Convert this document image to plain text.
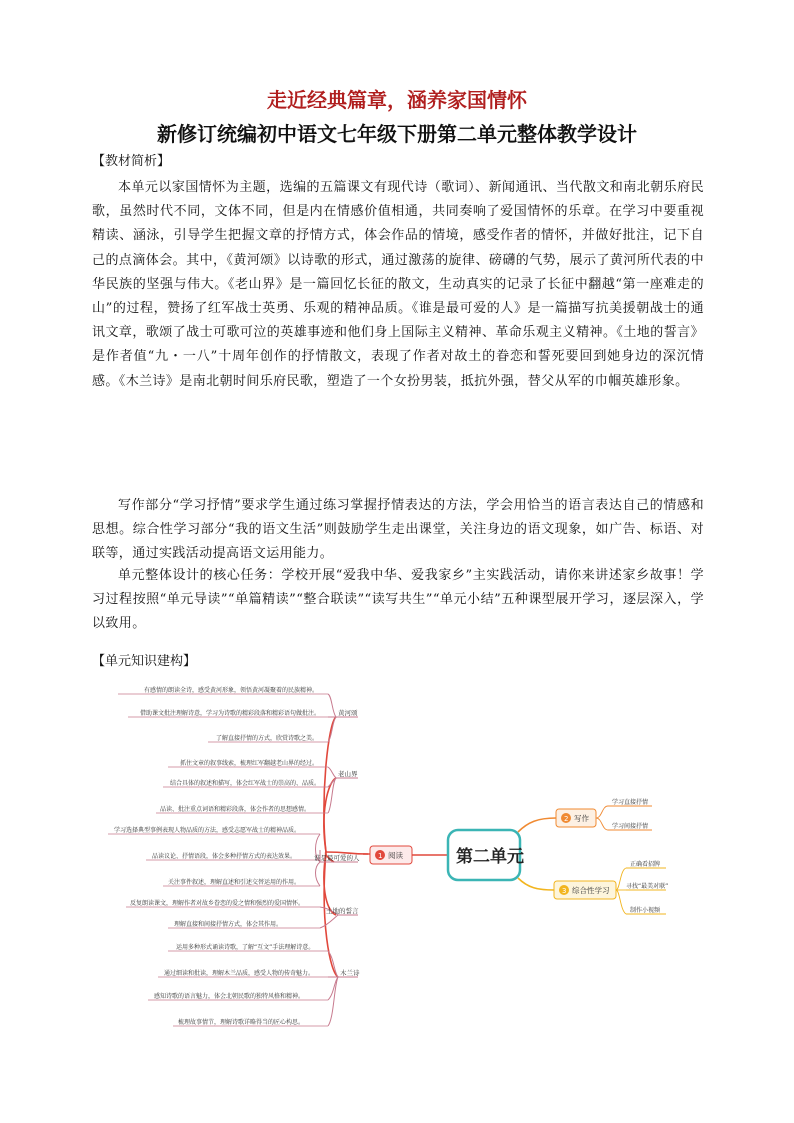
走近经典篇章，涵养家国情怀
新修订统编初中语文七年级下册第二单元整体教学设计
【教材简析】
本单元以家国情怀为主题，选编的五篇课文有现代诗（歌词）、新闻通讯、当代散文和南北朝乐府民歌，虽然时代不同，文体不同，但是内在情感价值相通，共同奏响了爱国情怀的乐章。在学习中要重视精读、涵泳，引导学生把握文章的抒情方式，体会作品的情境，感受作者的情怀，并做好批注，记下自己的点滴体会。其中，《黄河颂》以诗歌的形式，通过激荡的旋律、磅礴的气势，展示了黄河所代表的中华民族的坚强与伟大。《老山界》是一篇回忆长征的散文，生动真实的记录了长征中翻越“第一座难走的山”的过程，赞扬了红军战士英勇、乐观的精神品质。《谁是最可爱的人》是一篇描写抗美援朝战士的通讯文章，歌颂了战士可歌可泣的英雄事迹和他们身上国际主义精神、革命乐观主义精神。《土地的誓言》是作者值“九・一八”十周年创作的抒情散文，表现了作者对故土的眷恋和誓死要回到她身边的深沉情感。《木兰诗》是南北朝时间乐府民歌，塑造了一个女扮男装，抵抗外强，替父从军的巾帼英雄形象。
写作部分“学习抒情”要求学生通过练习掌握抒情表达的方法，学会用恰当的语言表达自己的情感和思想。综合性学习部分“我的语文生活”则鼓励学生走出课堂，关注身边的语文现象，如广告、标语、对联等，通过实践活动提高语文运用能力。
单元整体设计的核心任务：学校开展“爱我中华、爱我家乡”主实践活动，请你来讲述家乡故事！学习过程按照“单元导读”“单篇精读”“整合联读”“读写共生”“单元小结”五种课型展开学习，逐层深入，学以致用。
【单元知识建构】
有感情的朗读全诗，感受黄河形象，领悟黄河凝聚着的民族精神。
借助课文批注理解诗意，学习为诗歌的精彩段落和精彩语句做批注。
了解直接抒情的方式，欣赏诗歌之美。
抓住文章的叙事线索，梳理红军翻越老山界的经过。
结合具体的叙述和描写，体会红军战士的崇高的、品质。
品读、批注重点词语和精彩段落，体会作者的思想感情。
学习选择典型事例表现人物品质的方法，感受志愿军战士的精神品质。
品读议论、抒情语段，体会多种抒情方式的表达效果。
关注事件叙述，理解直述和引述交替运用的作用。
反复朗读课文，理解作者对故乡眷恋的爱之情和强烈的爱国情怀。
理解直接和间接抒情方式，体会其作用。
运用多种形式诵读诗歌，了解“互文”手法理解诗意。
通过细读和批读，理解木兰品质，感受人物的传奇魅力。
感知诗歌的语言魅力，体会北朝民歌的独特风格和精神。
梳理故事情节，理解诗歌详略得当的匠心构思。
黄河颂
老山界
谁是最可爱的人
土地的誓言
木兰诗
1 阅读	第二单元
2 写作
学习直接抒情
学习间接抒情
3 综合性学习
正确看招牌
寻找“最美对联”
制作小视频
